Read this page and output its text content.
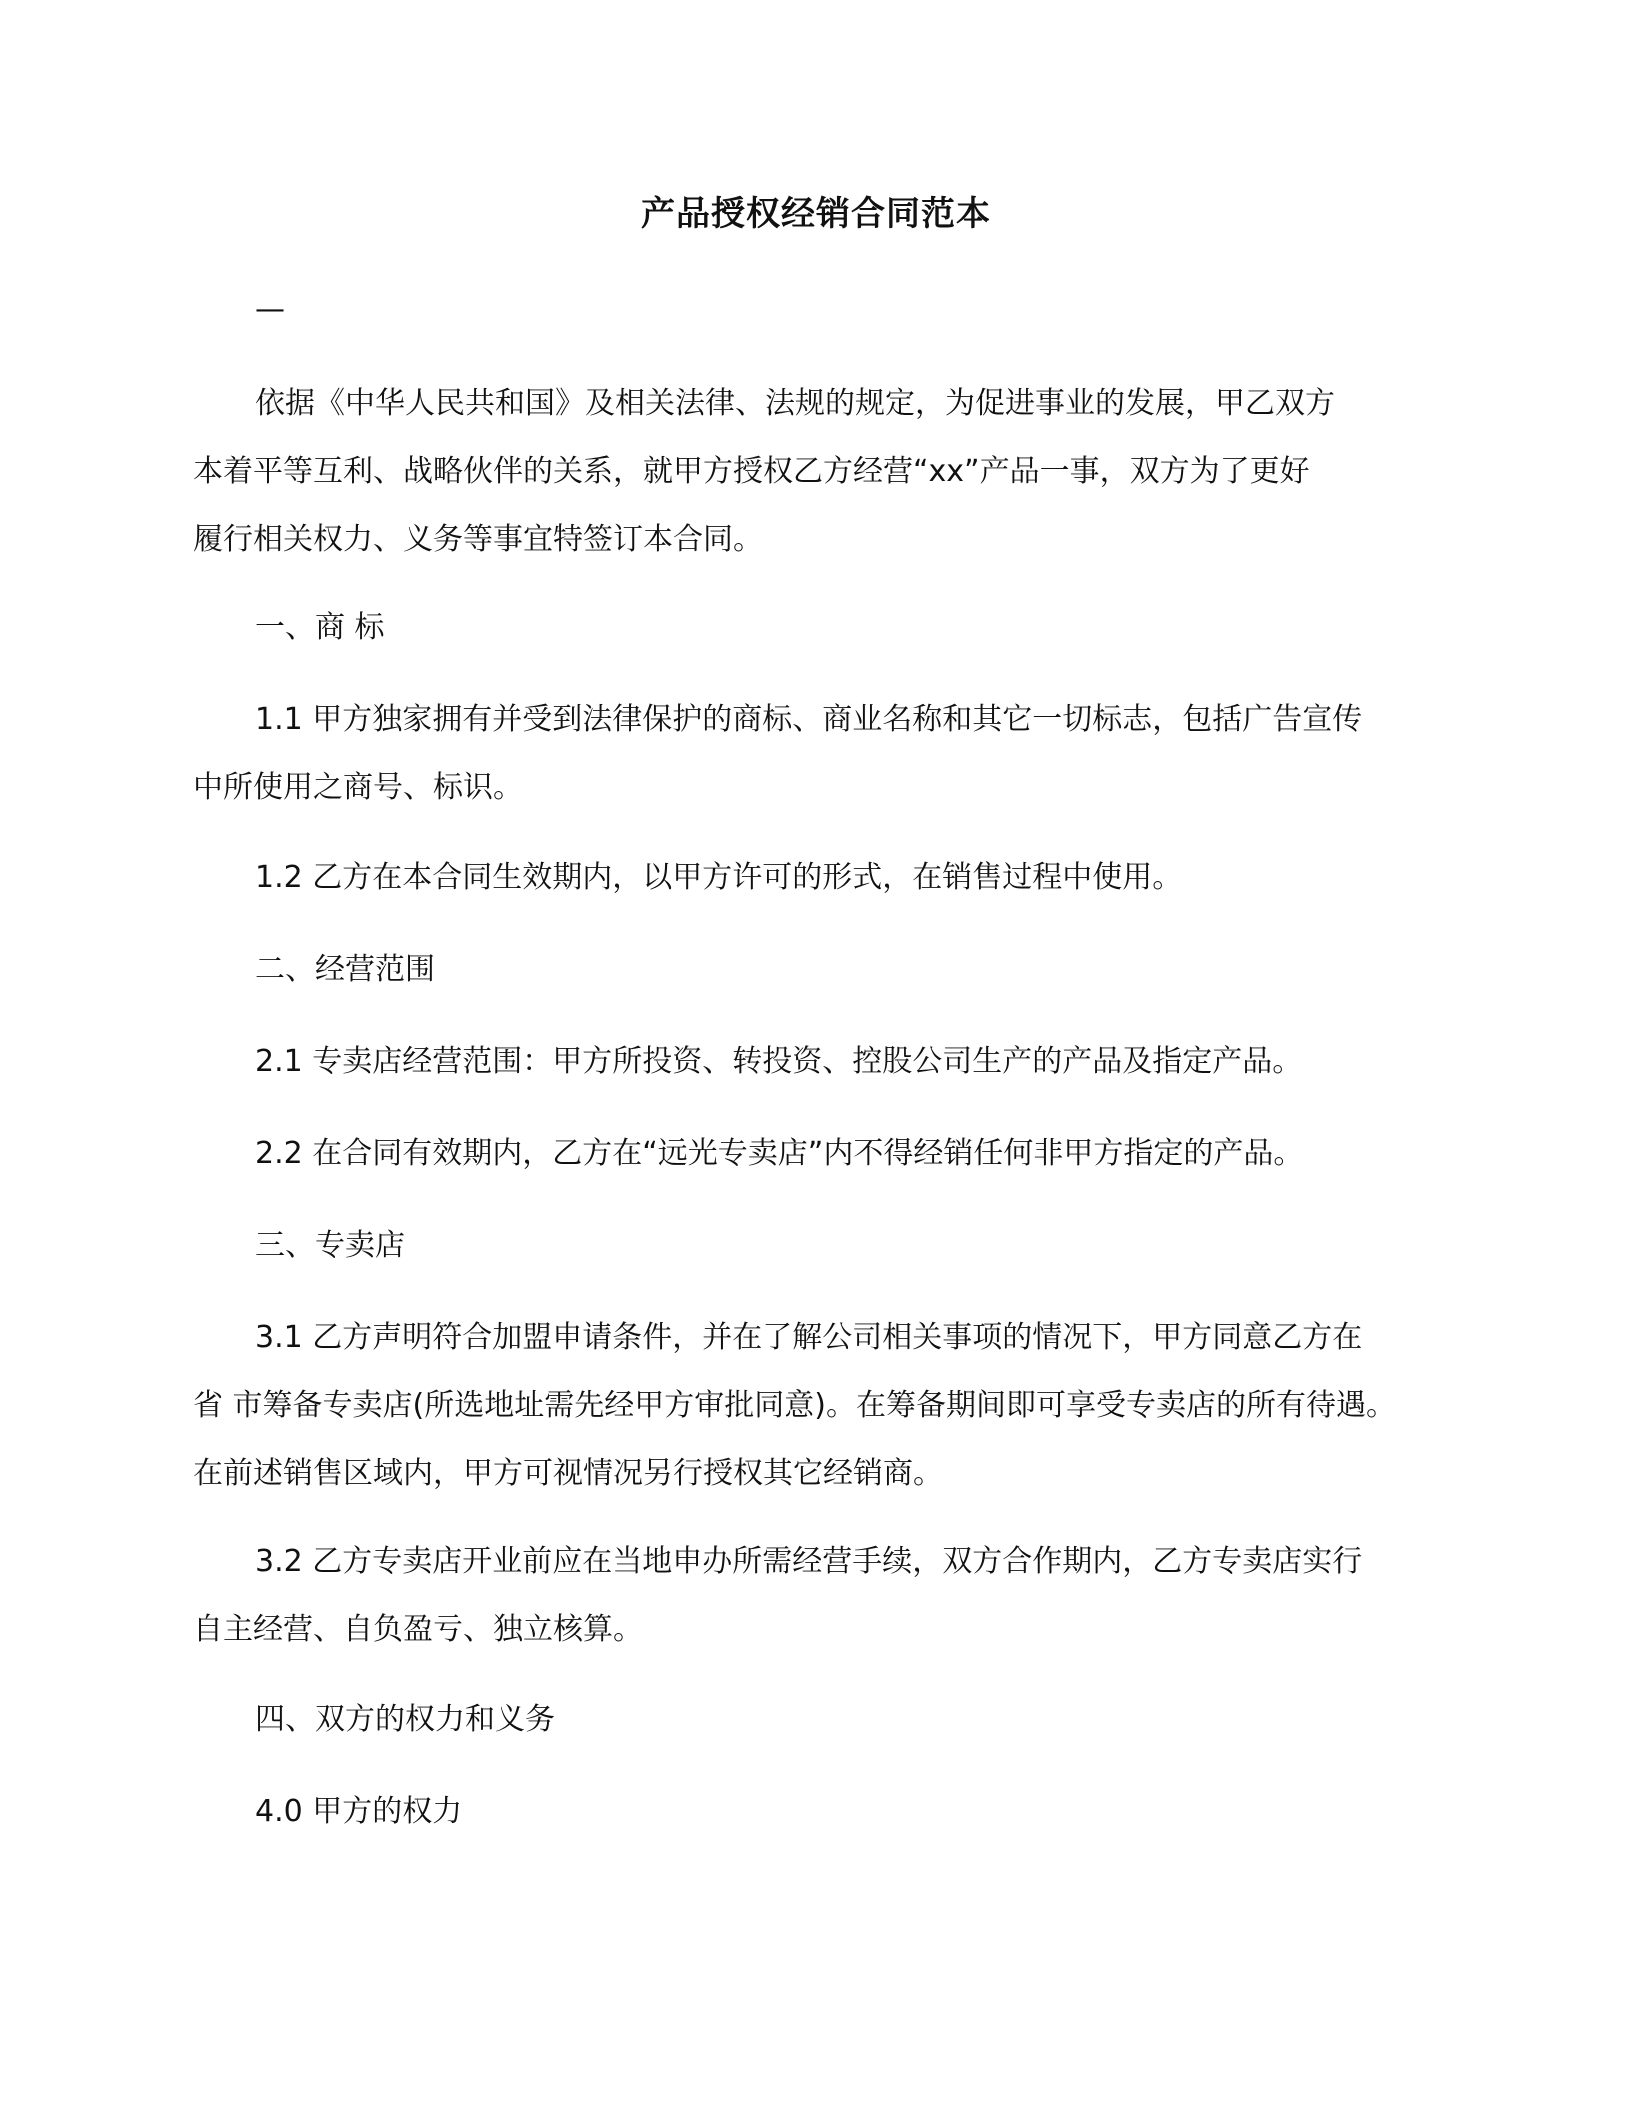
产品授权经销合同范本
—
依据《中华人民共和国》及相关法律、法规的规定，为促进事业的发展，甲乙双方
本着平等互利、战略伙伴的关系，就甲方授权乙方经营“xx”产品一事，双方为了更好
履行相关权力、义务等事宜特签订本合同。
一、商 标
1.1 甲方独家拥有并受到法律保护的商标、商业名称和其它一切标志，包括广告宣传
中所使用之商号、标识。
1.2 乙方在本合同生效期内，以甲方许可的形式，在销售过程中使用。
二、经营范围
2.1 专卖店经营范围：甲方所投资、转投资、控股公司生产的产品及指定产品。
2.2 在合同有效期内，乙方在“远光专卖店”内不得经销任何非甲方指定的产品。
三、专卖店
3.1 乙方声明符合加盟申请条件，并在了解公司相关事项的情况下，甲方同意乙方在
省 市筹备专卖店(所选地址需先经甲方审批同意)。在筹备期间即可享受专卖店的所有待遇。
在前述销售区域内，甲方可视情况另行授权其它经销商。
3.2 乙方专卖店开业前应在当地申办所需经营手续，双方合作期内，乙方专卖店实行
自主经营、自负盈亏、独立核算。
四、双方的权力和义务
4.0 甲方的权力
